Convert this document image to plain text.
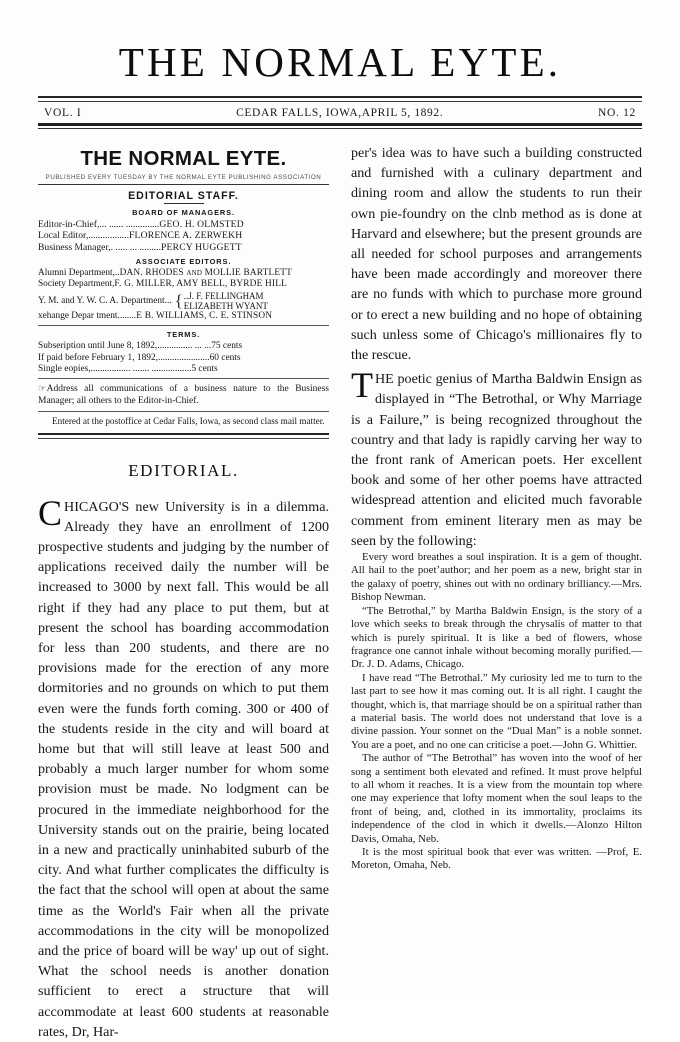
THE NORMAL EYTE.
VOL. I	CEDAR FALLS, IOWA,APRIL 5, 1892.	NO. 12
THE NORMAL EYTE.
PUBLISHED EVERY TUESDAY BY THE NORMAL EYTE PUBLISHING ASSOCIATION
EDITORIAL STAFF.
BOARD OF MANAGERS.
Editor-in-Chief,... ...... ..............GEO. H. OLMSTED
Local Editor,.................FLORENCE A. ZERWEKH
Business Manager,. ..... ... .........PERCY HUGGETT
ASSOCIATE EDITORS.
Alumni Department,..DAN. RHODES and MOLLIE BARTLETT
Society Department,F. G. MILLER, AMY BELL, BYRDE HILL
Y. M. and Y. W. C. A. Department... { ..J. F. FELLINGHAM
ELIZABETH WYANT
xehange Depar tment........E B. WILLIAMS, C. E. STINSON
TERMS.
Subseription until June 8, 1892,............... ... ...75 cents
If paid before February 1, 1892,......................60 cents
Single eopies,................. ....... .................5 cents
☞Address all communications of a business nature to the Business Manager; all others to the Editor-in-Chief.
Entered at the postoffice at Cedar Falls, Iowa, as second class mail matter.
EDITORIAL.

CHICAGO'S new University is in a dilemma. Already they have an enrollment of 1200 prospective students and judging by the number of applications received daily the number will be increased to 3000 by next fall. This would be all right if they had any place to put them, but at present the school has boarding accommodation for less than 200 students, and there are no provisions made for the erection of any more dormitories and no grounds on which to put them even were the funds forth coming. 300 or 400 of the students reside in the city and will board at home but that will still leave at least 500 and probably a much larger number for whom some provision must be made. No lodgment can be procured in the immediate neighborhood for the University stands out on the prairie, being located in a new and practically uninhabited suburb of the city. And what further complicates the difficulty is the fact that the school will open at about the same time as the World's Fair when all the private accommodations in the city will be monopolized and the price of board will be way' up out of sight. What the school needs is another donation sufficient to erect a structure that will accommodate at least 600 students at reasonable rates, Dr, Har-

per's idea was to have such a building constructed and furnished with a culinary department and dining room and allow the students to run their own pie-foundry on the clnb method as is done at Harvard and elsewhere; but the present grounds are all needed for school purposes and arrangements have been made accordingly and moreover there are no funds with which to purchase more ground or to erect a new building and no hope of obtaining such unless some of Chicago's millionaires fly to the rescue.

THE poetic genius of Martha Baldwin Ensign as displayed in “The Betrothal, or Why Marriage is a Failure,” is being recognized throughout the country and that lady is rapidly carving her way to the front rank of American poets. Her excellent book and some of her other poems have attracted widespread attention and elicited much favorable comment from eminent literary men as may be seen by the following:

Every word breathes a soul inspiration. It is a gem of thought. All hail to the poetʼauthor; and her poem as a new, bright star in the galaxy of poetry, shines out with no ordinary brilliancy.—Mrs. Bishop Newman.

“The Betrothal,” by Martha Baldwin Ensign, is the story of a love which seeks to break through the chrysalis of matter to that which is purely spiritual. It is like a bed of flowers, whose fragrance one cannot inhale without becoming morally purified.—Dr. J. D. Adams, Chicago.

I have read “The Betrothal.” My curiosity led me to turn to the last part to see how it mas coming out. It is all right. I caught the thought, which is, that marriage should be on a spiritual rather than a material basis. The world does not understand that love is a divine passion. Your sonnet on the “Dual Man” is a noble sonnet. You are a poet, and no one can criticise a poet.—John G. Whittier.

The author of “The Betrothal” has woven into the woof of her song a sentiment both elevated and refined. It must prove helpful to all whom it reaches. It is a view from the mountain top where one may experience that lofty moment when the soul leaps to the front of being, and, clothed in its immortality, proclaims its independence of the clod in which it dwells.—Alonzo Hilton Davis, Omaha, Neb.

It is the most spiritual book that ever was written. —Prof, E. Moreton, Omaha, Neb.
